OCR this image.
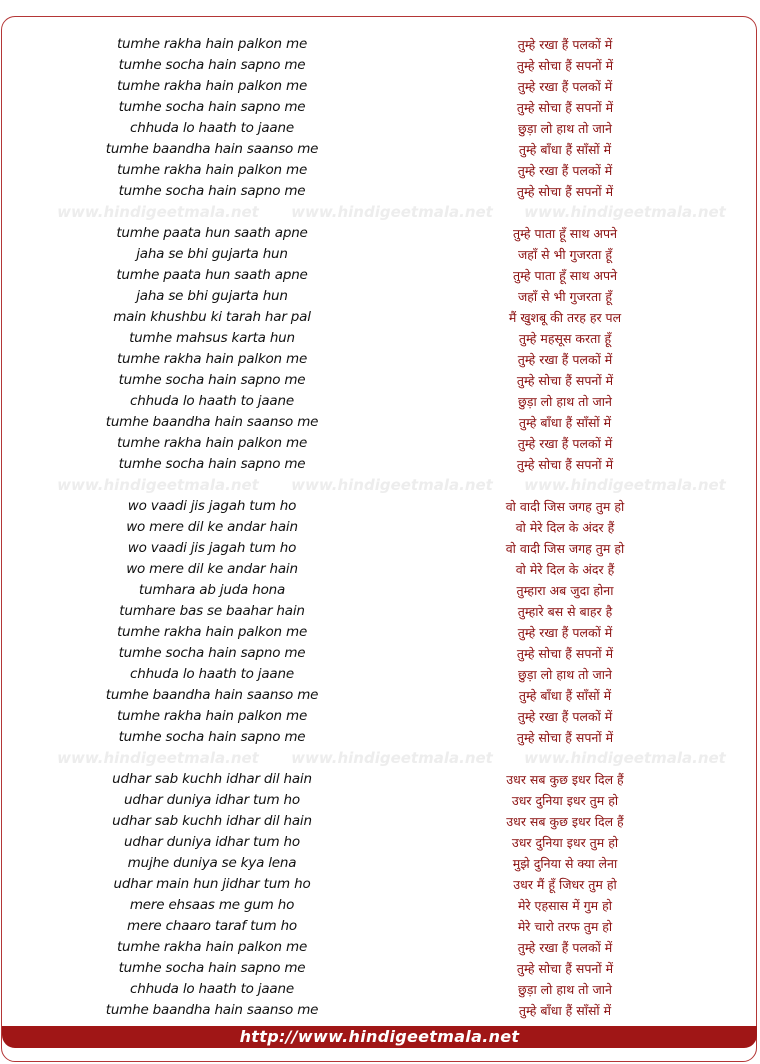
tumhe rakha hain palkon me	तुम्हे रखा हैं पलकों में
tumhe socha hain sapno me	तुम्हे सोचा हैं सपनों में
tumhe rakha hain palkon me	तुम्हे रखा हैं पलकों में
tumhe socha hain sapno me	तुम्हे सोचा हैं सपनों में
chhuda lo haath to jaane	छुड़ा लो हाथ तो जाने
tumhe baandha hain saanso me	तुम्हे बाँधा हैं साँसों में
tumhe rakha hain palkon me	तुम्हे रखा हैं पलकों में
tumhe socha hain sapno me	तुम्हे सोचा हैं सपनों में
www.hindigeetmala.net	www.hindigeetmala.net	www.hindigeetmala.net
tumhe paata hun saath apne	तुम्हे पाता हूँ साथ अपने
jaha se bhi gujarta hun	जहाँ से भी गुजरता हूँ
tumhe paata hun saath apne	तुम्हे पाता हूँ साथ अपने
jaha se bhi gujarta hun	जहाँ से भी गुजरता हूँ
main khushbu ki tarah har pal	मैं खुशबू की तरह हर पल
tumhe mahsus karta hun	तुम्हे महसूस करता हूँ
tumhe rakha hain palkon me	तुम्हे रखा हैं पलकों में
tumhe socha hain sapno me	तुम्हे सोचा हैं सपनों में
chhuda lo haath to jaane	छुड़ा लो हाथ तो जाने
tumhe baandha hain saanso me	तुम्हे बाँधा हैं साँसों में
tumhe rakha hain palkon me	तुम्हे रखा हैं पलकों में
tumhe socha hain sapno me	तुम्हे सोचा हैं सपनों में
www.hindigeetmala.net	www.hindigeetmala.net	www.hindigeetmala.net
wo vaadi jis jagah tum ho	वो वादी जिस जगह तुम हो
wo mere dil ke andar hain	वो मेरे दिल के अंदर हैं
wo vaadi jis jagah tum ho	वो वादी जिस जगह तुम हो
wo mere dil ke andar hain	वो मेरे दिल के अंदर हैं
tumhara ab juda hona	तुम्हारा अब जुदा होना
tumhare bas se baahar hain	तुम्हारे बस से बाहर है
tumhe rakha hain palkon me	तुम्हे रखा हैं पलकों में
tumhe socha hain sapno me	तुम्हे सोचा हैं सपनों में
chhuda lo haath to jaane	छुड़ा लो हाथ तो जाने
tumhe baandha hain saanso me	तुम्हे बाँधा हैं साँसों में
tumhe rakha hain palkon me	तुम्हे रखा हैं पलकों में
tumhe socha hain sapno me	तुम्हे सोचा हैं सपनों में
www.hindigeetmala.net	www.hindigeetmala.net	www.hindigeetmala.net
udhar sab kuchh idhar dil hain	उधर सब कुछ इधर दिल हैं
udhar duniya idhar tum ho	उधर दुनिया इधर तुम हो
udhar sab kuchh idhar dil hain	उधर सब कुछ इधर दिल हैं
udhar duniya idhar tum ho	उधर दुनिया इधर तुम हो
mujhe duniya se kya lena	मुझे दुनिया से क्या लेना
udhar main hun jidhar tum ho	उधर मैं हूँ जिधर तुम हो
mere ehsaas me gum ho	मेरे एहसास में गुम हो
mere chaaro taraf tum ho	मेरे चारो तरफ तुम हो
tumhe rakha hain palkon me	तुम्हे रखा हैं पलकों में
tumhe socha hain sapno me	तुम्हे सोचा हैं सपनों में
chhuda lo haath to jaane	छुड़ा लो हाथ तो जाने
tumhe baandha hain saanso me	तुम्हे बाँधा हैं साँसों में
http://www.hindigeetmala.net
